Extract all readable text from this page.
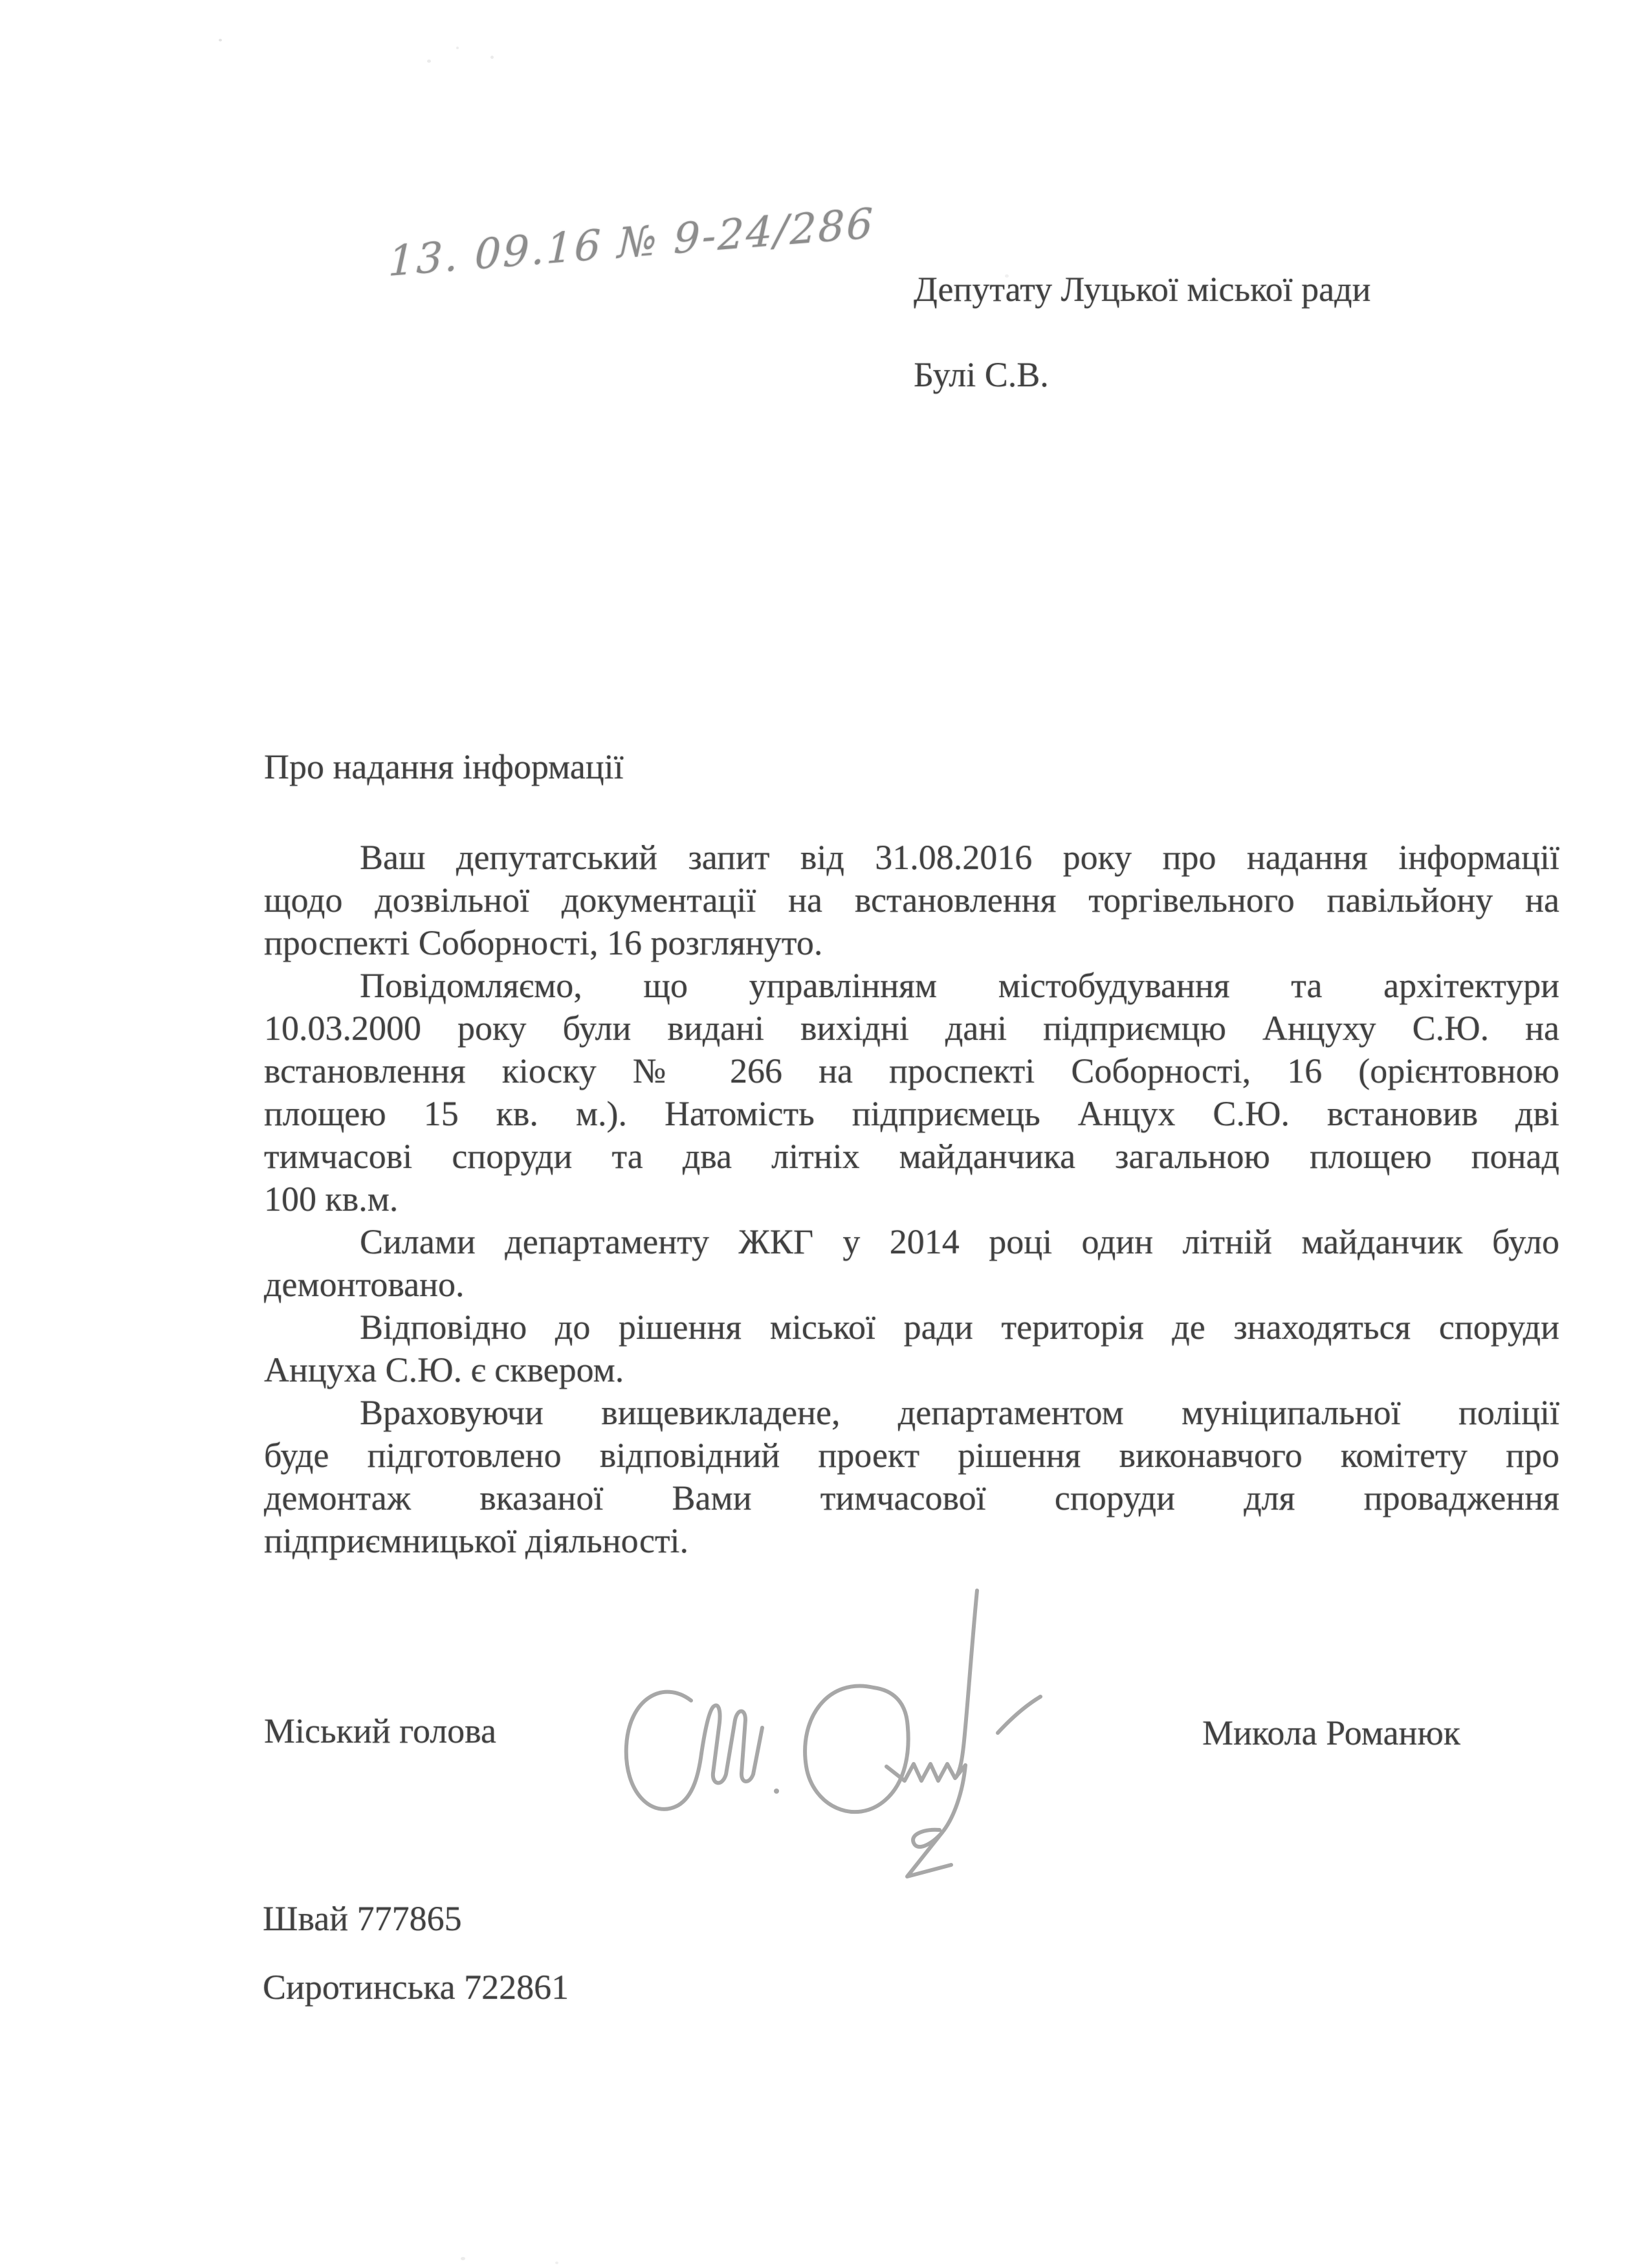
13. 09.16 № 9-24/286
Депутату Луцької міської ради
Булі С.В.
Про надання інформації
Ваш депутатський запит від 31.08.2016 року про надання інформації
щодо дозвільної документації на встановлення торгівельного павільйону на
проспекті Соборності, 16 розглянуто.
Повідомляємо, що управлінням містобудування та архітектури
10.03.2000 року були видані вихідні дані підприємцю Анцуху С.Ю. на
встановлення кіоску № 266 на проспекті Соборності, 16 (орієнтовною
площею 15 кв. м.). Натомість підприємець Анцух С.Ю. встановив дві
тимчасові споруди та два літніх майданчика загальною площею понад
100 кв.м.
Силами департаменту ЖКГ у 2014 році один літній майданчик було
демонтовано.
Відповідно до рішення міської ради територія де знаходяться споруди
Анцуха С.Ю. є сквером.
Враховуючи вищевикладене, департаментом муніципальної поліції
буде підготовлено відповідний проект рішення виконавчого комітету про
демонтаж вказаної Вами тимчасової споруди для провадження
підприємницької діяльності.
Міський голова	Микола Романюк
Швай 777865
Сиротинська 722861
